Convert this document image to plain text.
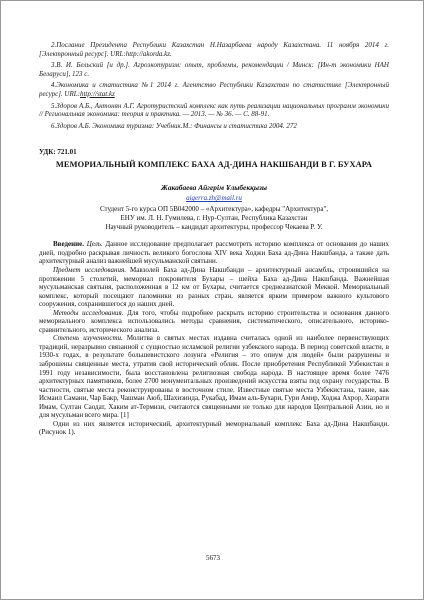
2.Послание Президента Республики Казахстан Н.Назарбаева народу Казахстана. 11 ноября 2014 г. [Электронный ресурс]. URL:http://akorda.kz.
3.В. И. Бельский [и др.]. Агроэкотуризм: опыт, проблемы, рекомендации / Минск: [Ин-т экономики НАН Беларуси], 123 с.
4.Экономика и статистика №1 2014 г. Агентство Республики Казахстан по статистике [Электронный ресурс]. URL:http://stat.kz
5.Здоров А.Б., Антонян А.Г. Агротуристский комплекс как путь реализации национальных программ экономики // Региональная экономика: теория и практика. — 2013. — № 36. — С. 88-91.
6.Здоров А.Б. Экономика туризма: Учебник.М.: Финансы и статистика 2004. 272
УДК: 721.01
МЕМОРИАЛЬНЫЙ КОМПЛЕКС БАХА АД-ДИНА НАКШБАНДИ В Г. БУХАРА
Жакабаева Айгерім Ұлыбекқызы
aigerra.zh@mail.ru
Студент 5-го курса ОП 5В042000 – «Архитектура», кафедры "Архитектура",
ЕНУ им. Л. Н. Гумилева, г. Нур-Султан, Республика Казахстан
Научный руководитель – кандидат архитектуры, профессор Чекаева Р. У.

Введение. Цель. Данное исследование предполагает рассмотреть историю комплекса от основания до наших дней, подробно раскрывая личность великого богослова XIV века Ходжи Баха ад-Дина Накшбанда, а также дать архитектурный анализ важнейшей мусульманской святыни.

Предмет исследования. Мавзолей Баха ад-Дина Накшбанди – архитектурный ансамбль, строившийся на протяжении 5 столетий, мемориал покровителя Бухары – шейха Баха ад-Дина Накшбанда. Важнейшая мусульманская святыня, расположенная в 12 км от Бухары, считается среднеазиатской Меккой. Мемориальный комплекс, который посещают паломники из разных стран, является ярким примером важного культового сооружения, сохранившегося до наших дней.

Методы исследования. Для того, чтобы подробнее раскрыть историю строительства и основания данного мемориального комплекса использовались методы сравнения, систематического, описательного, историко-сравнительного, исторического анализа.

Степень изученности. Молитва в святых местах издавна считалась одной из наиболее первенствующих традиций, неразрывно связанной с сущностью исламской религии узбекского народа. В период советской власти, в 1930-х годах, в результате большевистского лозунга «Религия – это опиум для людей» были разрушены и заброшены священные места, утратив свой исторический облик. После приобретения Республикой Узбекистан в 1991 году независимости, была восстановлена религиозная свобода народа. В настоящее время более 7476 архитектурных памятников, более 2700 монументальных произведений искусства взяты под охрану государства. В частности, святые места реконструированы в восточном стиле. Известные святые места Узбекистана, такие, как Исмаил Самани, Чар Бакр, Чашман Аюб, Шахизинда, Рукабад, Имам аль-Бухари, Гури Амир, Ходжа Ахрор, Хазрати Имам, Султан Саодат, Хаким ат-Термизи, считаются священными не только для народов Центральной Азии, но и для мусульман всего мира. [1]

Одни из них является исторический, архитектурный мемориальный комплекс Баха ад-Дина Накшбанди. (Рисунок 1).

5673
